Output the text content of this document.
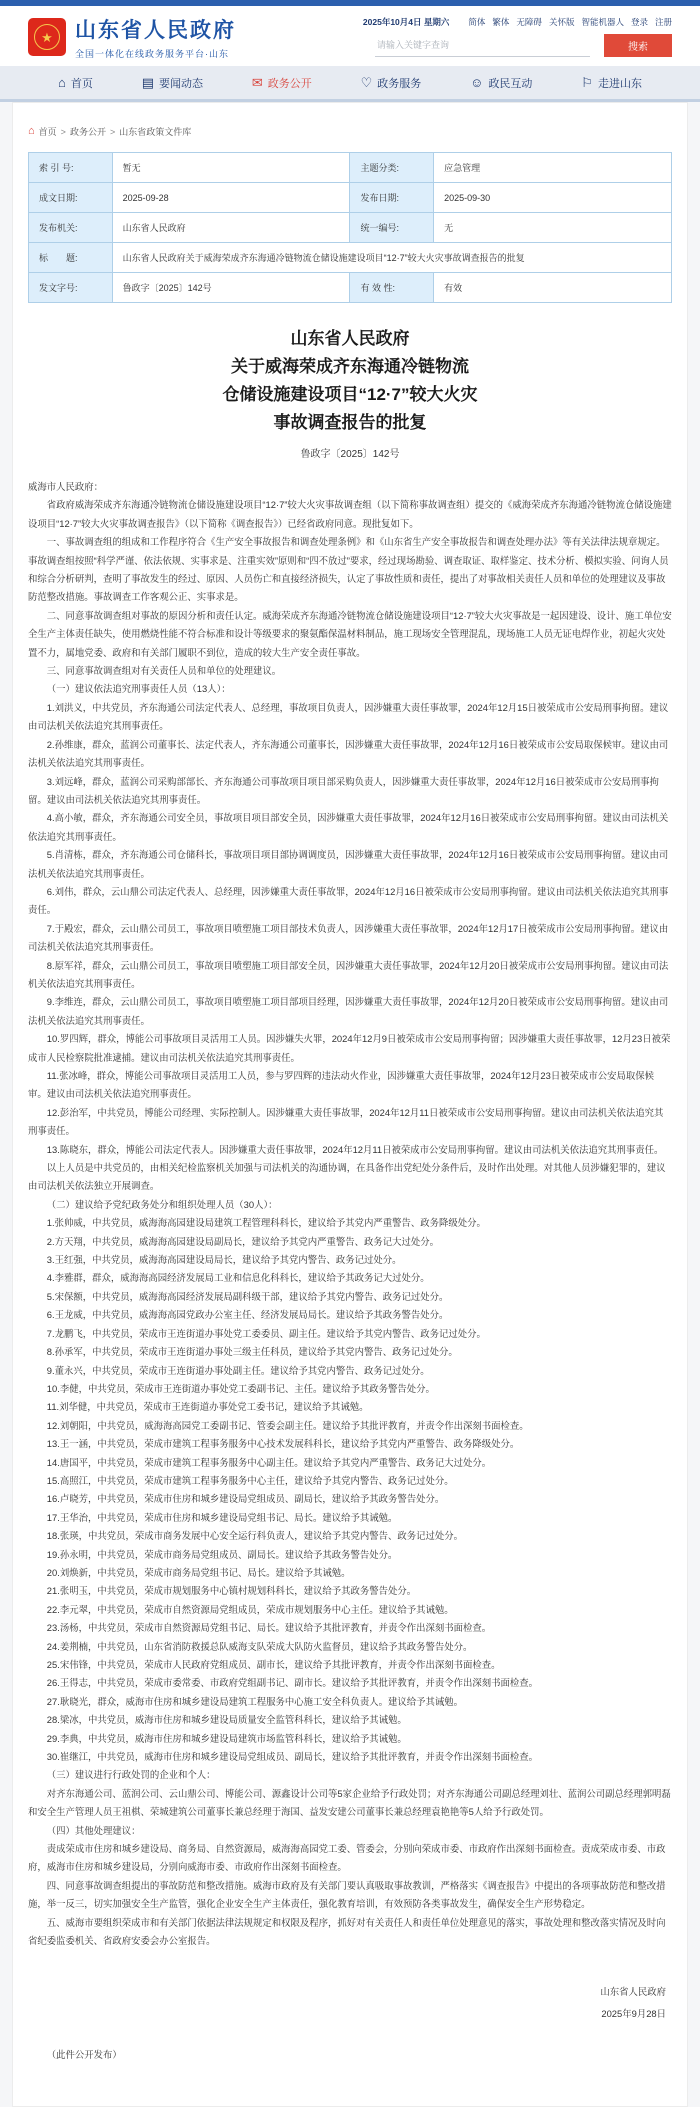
★	山东省人民政府
全国一体化在线政务服务平台·山东
2025年10月4日 星期六	简体 繁体 无障碍 关怀版 智能机器人 登录 注册
请输入关键字查询
搜索
⌂ 首页	▤ 要闻动态	✉ 政务公开	♡ 政务服务	☺ 政民互动	⚐ 走进山东
⌂ 首页 > 政务公开 > 山东省政策文件库
索 引 号:	暂无	主题分类:	应急管理
成文日期:	2025-09-28	发布日期:	2025-09-30
发布机关:	山东省人民政府	统一编号:	无
标　　题:	山东省人民政府关于威海荣成齐东海通冷链物流仓储设施建设项目“12·7”较大火灾事故调查报告的批复		
发文字号:	鲁政字〔2025〕142号	有 效 性:	有效
山东省人民政府
关于威海荣成齐东海通冷链物流
仓储设施建设项目“12·7”较大火灾
事故调查报告的批复
鲁政字〔2025〕142号

威海市人民政府：

省政府威海荣成齐东海通冷链物流仓储设施建设项目“12·7”较大火灾事故调查组（以下简称事故调查组）提交的《威海荣成齐东海通冷链物流仓储设施建设项目“12·7”较大火灾事故调查报告》（以下简称《调查报告》）已经省政府同意。现批复如下。

一、事故调查组的组成和工作程序符合《生产安全事故报告和调查处理条例》和《山东省生产安全事故报告和调查处理办法》等有关法律法规章规定。事故调查组按照“科学严谨、依法依规、实事求是、注重实效”原则和“四不放过”要求，经过现场勘验、调查取证、取样鉴定、技术分析、模拟实验、问询人员和综合分析研判，查明了事故发生的经过、原因、人员伤亡和直接经济损失，认定了事故性质和责任，提出了对事故相关责任人员和单位的处理建议及事故防范整改措施。事故调查工作客观公正、实事求是。

二、同意事故调查组对事故的原因分析和责任认定。威海荣成齐东海通冷链物流仓储设施建设项目“12·7”较大火灾事故是一起因建设、设计、施工单位安全生产主体责任缺失，使用燃烧性能不符合标准和设计等级要求的聚氨酯保温材料制品，施工现场安全管理混乱，现场施工人员无证电焊作业，初起火灾处置不力，属地党委、政府和有关部门履职不到位，造成的较大生产安全责任事故。

三、同意事故调查组对有关责任人员和单位的处理建议。

（一）建议依法追究刑事责任人员（13人）：

1.刘洪义，中共党员，齐东海通公司法定代表人、总经理，事故项目负责人，因涉嫌重大责任事故罪，2024年12月15日被荣成市公安局刑事拘留。建议由司法机关依法追究其刑事责任。

2.孙维康，群众，蓝润公司董事长、法定代表人，齐东海通公司董事长，因涉嫌重大责任事故罪，2024年12月16日被荣成市公安局取保候审。建议由司法机关依法追究其刑事责任。

3.刘远峰，群众，蓝润公司采购部部长、齐东海通公司事故项目项目部采购负责人，因涉嫌重大责任事故罪，2024年12月16日被荣成市公安局刑事拘留。建议由司法机关依法追究其刑事责任。

4.高小敏，群众，齐东海通公司安全员，事故项目项目部安全员，因涉嫌重大责任事故罪，2024年12月16日被荣成市公安局刑事拘留。建议由司法机关依法追究其刑事责任。

5.肖清栋，群众，齐东海通公司仓储科长，事故项目项目部协调调度员，因涉嫌重大责任事故罪，2024年12月16日被荣成市公安局刑事拘留。建议由司法机关依法追究其刑事责任。

6.刘伟，群众，云山鼎公司法定代表人、总经理，因涉嫌重大责任事故罪，2024年12月16日被荣成市公安局刑事拘留。建议由司法机关依法追究其刑事责任。

7.于殿宏，群众，云山鼎公司员工，事故项目喷塑施工项目部技术负责人，因涉嫌重大责任事故罪，2024年12月17日被荣成市公安局刑事拘留。建议由司法机关依法追究其刑事责任。

8.原军祥，群众，云山鼎公司员工，事故项目喷塑施工项目部安全员，因涉嫌重大责任事故罪，2024年12月20日被荣成市公安局刑事拘留。建议由司法机关依法追究其刑事责任。

9.李维连，群众，云山鼎公司员工，事故项目喷塑施工项目部项目经理，因涉嫌重大责任事故罪，2024年12月20日被荣成市公安局刑事拘留。建议由司法机关依法追究其刑事责任。

10.罗四辉，群众，博能公司事故项目灵活用工人员。因涉嫌失火罪，2024年12月9日被荣成市公安局刑事拘留；因涉嫌重大责任事故罪，12月23日被荣成市人民检察院批准逮捕。建议由司法机关依法追究其刑事责任。

11.张冰峰，群众，博能公司事故项目灵活用工人员，参与罗四辉的违法动火作业，因涉嫌重大责任事故罪，2024年12月23日被荣成市公安局取保候审。建议由司法机关依法追究刑事责任。

12.彭治军，中共党员，博能公司经理、实际控制人。因涉嫌重大责任事故罪，2024年12月11日被荣成市公安局刑事拘留。建议由司法机关依法追究其刑事责任。

13.陈晓东，群众，博能公司法定代表人。因涉嫌重大责任事故罪，2024年12月11日被荣成市公安局刑事拘留。建议由司法机关依法追究其刑事责任。

以上人员是中共党员的，由相关纪检监察机关加强与司法机关的沟通协调，在具备作出党纪处分条件后，及时作出处理。对其他人员涉嫌犯罪的，建议由司法机关依法独立开展调查。

（二）建议给予党纪政务处分和组织处理人员（30人）：

1.张帅威，中共党员，威海海高园建设局建筑工程管理科科长，建议给予其党内严重警告、政务降级处分。

2.方天翔，中共党员，威海海高园建设局副局长，建议给予其党内严重警告、政务记大过处分。

3.王红强，中共党员，威海海高园建设局局长，建议给予其党内警告、政务记过处分。

4.李雅群，群众，威海海高园经济发展局工业和信息化科科长，建议给予其政务记大过处分。

5.宋保额，中共党员，威海海高园经济发展局副科级干部，建议给予其党内警告、政务记过处分。

6.王龙威，中共党员，威海海高园党政办公室主任、经济发展局局长。建议给予其政务警告处分。

7.龙鹏飞，中共党员，荣成市王连街道办事处党工委委员、副主任。建议给予其党内警告、政务记过处分。

8.孙承军，中共党员，荣成市王连街道办事处三级主任科员，建议给予其党内警告、政务记过处分。

9.董永兴，中共党员，荣成市王连街道办事处副主任。建议给予其党内警告、政务记过处分。

10.李健，中共党员，荣成市王连街道办事处党工委副书记、主任。建议给予其政务警告处分。

11.刘华健，中共党员，荣成市王连街道办事处党工委书记，建议给予其诫勉。

12.刘朝阳，中共党员，威海海高园党工委副书记、管委会副主任。建议给予其批评教育，并责令作出深刻书面检查。

13.王一涵，中共党员，荣成市建筑工程事务服务中心技术发展科科长，建议给予其党内严重警告、政务降级处分。

14.唐国平，中共党员，荣成市建筑工程事务服务中心副主任。建议给予其党内严重警告、政务记大过处分。

15.高照江，中共党员，荣成市建筑工程事务服务中心主任，建议给予其党内警告、政务记过处分。

16.卢晓芳，中共党员，荣成市住房和城乡建设局党组成员、副局长，建议给予其政务警告处分。

17.王华治，中共党员，荣成市住房和城乡建设局党组书记、局长。建议给予其诫勉。

18.张瑛，中共党员，荣成市商务发展中心安全运行科负责人，建议给予其党内警告、政务记过处分。

19.孙永明，中共党员，荣成市商务局党组成员、副局长。建议给予其政务警告处分。

20.刘焕新，中共党员，荣成市商务局党组书记、局长。建议给予其诫勉。

21.张明玉，中共党员，荣成市规划服务中心镇村规划科科长，建议给予其政务警告处分。

22.李元翠，中共党员，荣成市自然资源局党组成员，荣成市规划服务中心主任。建议给予其诫勉。

23.汤杨，中共党员，荣成市自然资源局党组书记、局长。建议给予其批评教育，并责令作出深刻书面检查。

24.姜荆楠，中共党员，山东省消防救援总队威海支队荣成大队防火监督员，建议给予其政务警告处分。

25.宋伟锋，中共党员，荣成市人民政府党组成员、副市长，建议给予其批评教育，并责令作出深刻书面检查。

26.王得志，中共党员，荣成市委常委、市政府党组副书记、副市长。建议给予其批评教育，并责令作出深刻书面检查。

27.耿晓光，群众，威海市住房和城乡建设局建筑工程服务中心施工安全科负责人。建议给予其诫勉。

28.梁冰，中共党员，威海市住房和城乡建设局质量安全监管科科长，建议给予其诫勉。

29.李典，中共党员，威海市住房和城乡建设局建筑市场监管科科长，建议给予其诫勉。

30.崔继江，中共党员，威海市住房和城乡建设局党组成员、副局长，建议给予其批评教育，并责令作出深刻书面检查。

（三）建议进行行政处罚的企业和个人：

对齐东海通公司、蓝润公司、云山鼎公司、博能公司、源鑫设计公司等5家企业给予行政处罚；对齐东海通公司副总经理刘壮、蓝润公司副总经理郭明磊和安全生产管理人员王祖棋、荣城建筑公司董事长兼总经理于海国、益发安建公司董事长兼总经理袁艳艳等5人给予行政处罚。

（四）其他处理建议：

责成荣成市住房和城乡建设局、商务局、自然资源局，威海海高园党工委、管委会，分别向荣成市委、市政府作出深刻书面检查。责成荣成市委、市政府，威海市住房和城乡建设局，分别向威海市委、市政府作出深刻书面检查。

四、同意事故调查组提出的事故防范和整改措施。威海市政府及有关部门要认真吸取事故教训，严格落实《调查报告》中提出的各项事故防范和整改措施，举一反三，切实加强安全生产监管，强化企业安全生产主体责任，强化教育培训，有效预防各类事故发生，确保安全生产形势稳定。

五、威海市要组织荣成市和有关部门依据法律法规规定和权限及程序，抓好对有关责任人和责任单位处理意见的落实，事故处理和整改落实情况及时向省纪委监委机关、省政府安委会办公室报告。

山东省人民政府
2025年9月28日
（此件公开发布）
